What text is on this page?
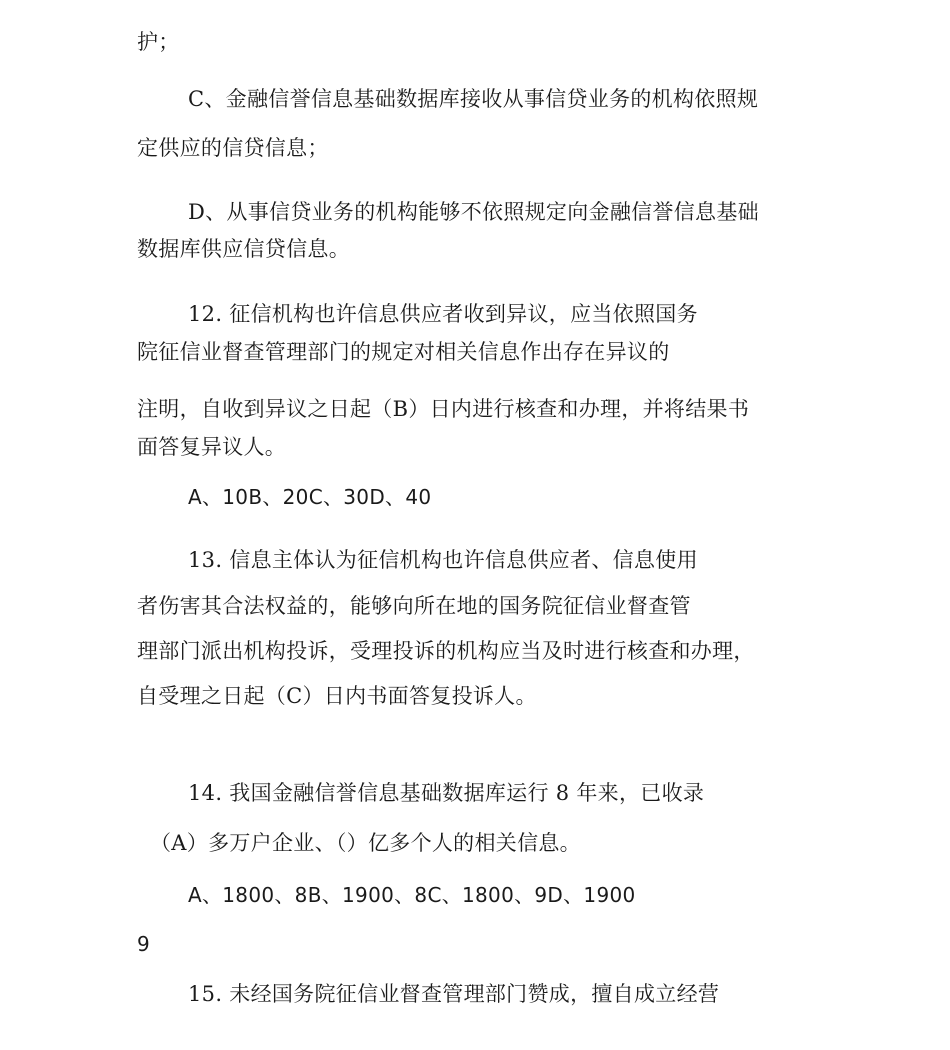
护；
C、金融信誉信息基础数据库接收从事信贷业务的机构依照规
定供应的信贷信息；
D、从事信贷业务的机构能够不依照规定向金融信誉信息基础
数据库供应信贷信息。
12. 征信机构也许信息供应者收到异议，应当依照国务
院征信业督查管理部门的规定对相关信息作出存在异议的
注明，自收到异议之日起（B）日内进行核查和办理，并将结果书
面答复异议人。
A、10B、20C、30D、40
13. 信息主体认为征信机构也许信息供应者、信息使用
者伤害其合法权益的，能够向所在地的国务院征信业督查管
理部门派出机构投诉，受理投诉的机构应当及时进行核查和办理，
自受理之日起（C）日内书面答复投诉人。
14. 我国金融信誉信息基础数据库运行 8 年来，已收录
（A）多万户企业、（）亿多个人的相关信息。
A、1800、8B、1900、8C、1800、9D、1900
9
15. 未经国务院征信业督查管理部门赞成，擅自成立经营
